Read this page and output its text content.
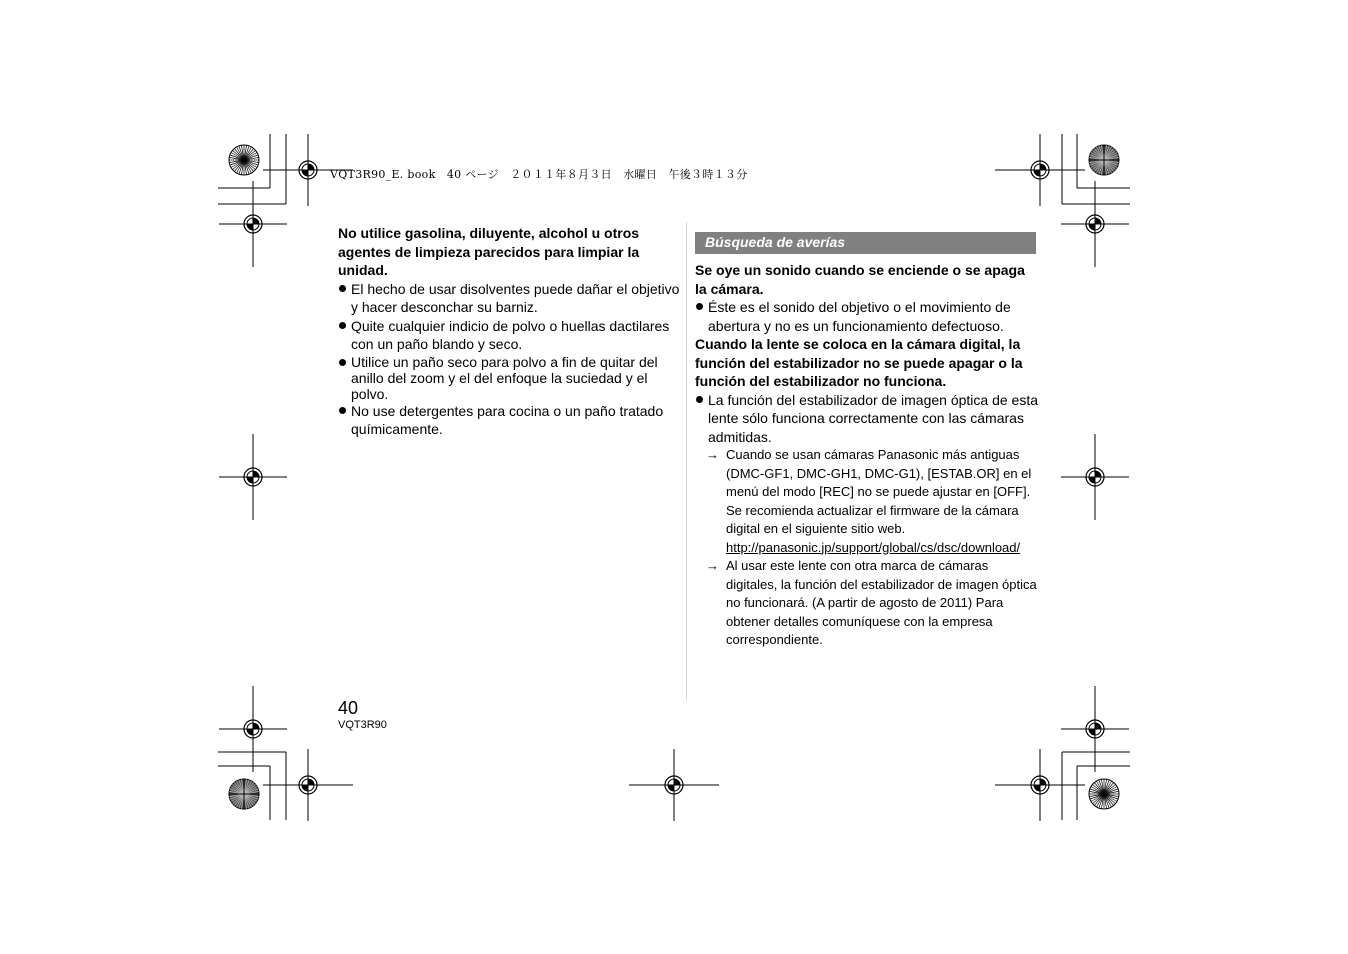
VQT3R90_E. book　40 ページ　２０１１年８月３日　水曜日　午後３時１３分
No utilice gasolina, diluyente, alcohol u otros agentes de limpieza parecidos para limpiar la unidad.
El hecho de usar disolventes puede dañar el objetivo y hacer desconchar su barniz.
Quite cualquier indicio de polvo o huellas dactilares con un paño blando y seco.
Utilice un paño seco para polvo a fin de quitar del anillo del zoom y el del enfoque la suciedad y el polvo.
No use detergentes para cocina o un paño tratado químicamente.
Búsqueda de averías
Se oye un sonido cuando se enciende o se apaga la cámara.
Éste es el sonido del objetivo o el movimiento de abertura y no es un funcionamiento defectuoso.
Cuando la lente se coloca en la cámara digital, la función del estabilizador no se puede apagar o la función del estabilizador no funciona.
La función del estabilizador de imagen óptica de esta lente sólo funciona correctamente con las cámaras admitidas.
→ Cuando se usan cámaras Panasonic más antiguas (DMC-GF1, DMC-GH1, DMC-G1), [ESTAB.OR] en el menú del modo [REC] no se puede ajustar en [OFF]. Se recomienda actualizar el firmware de la cámara digital en el siguiente sitio web.
http://panasonic.jp/support/global/cs/dsc/download/
→ Al usar este lente con otra marca de cámaras digitales, la función del estabilizador de imagen óptica no funcionará. (A partir de agosto de 2011) Para obtener detalles comuníquese con la empresa correspondiente.
40
VQT3R90
